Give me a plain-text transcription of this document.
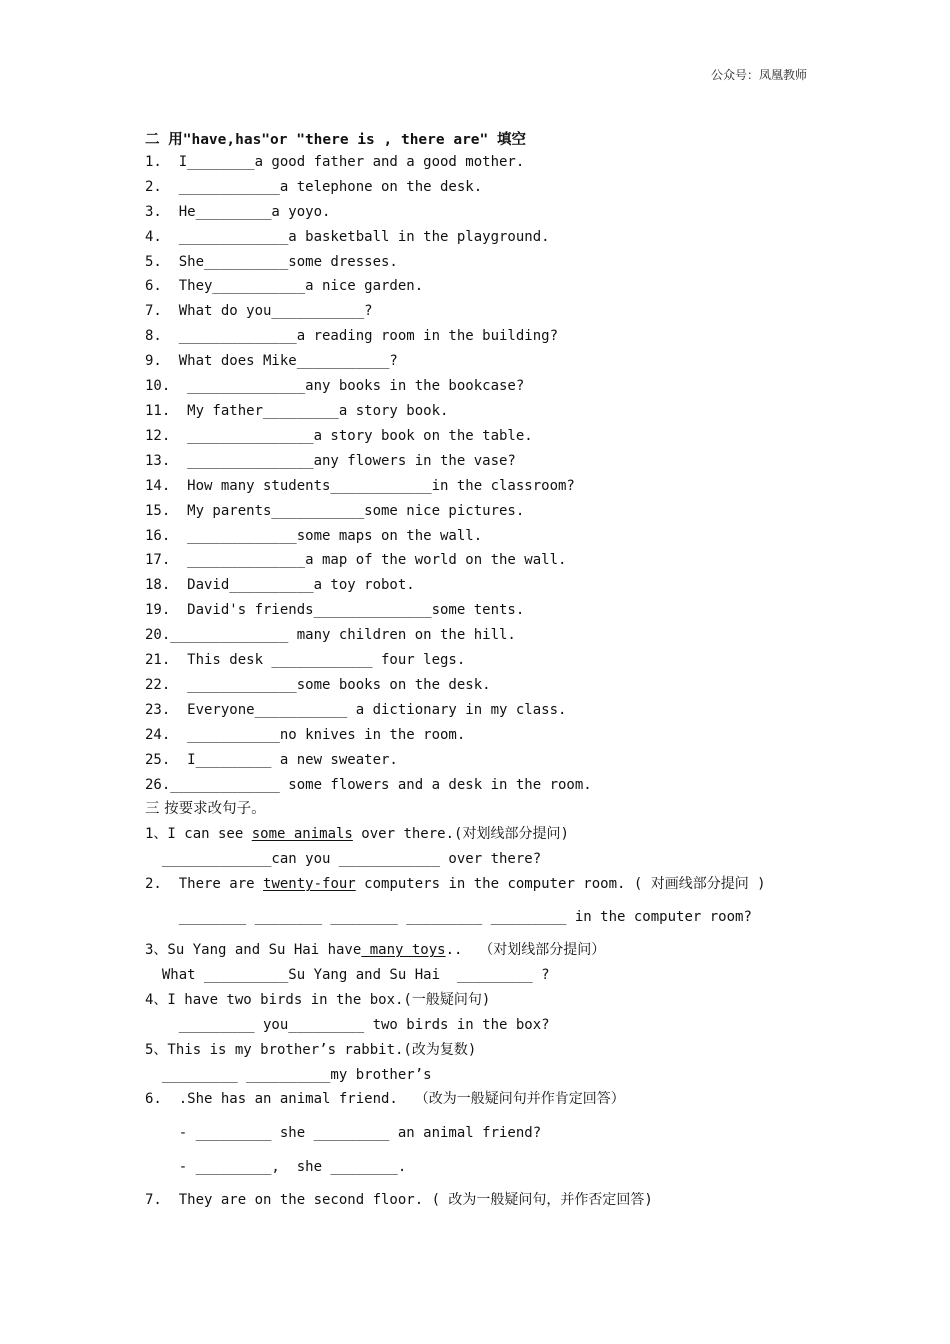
公众号：凤凰教师
二 用"have,has"or "there is , there are" 填空
1.  I________a good father and a good mother.
2.  ____________a telephone on the desk.
3.  He_________a yoyo.
4.  _____________a basketball in the playground.
5.  She__________some dresses.
6.  They___________a nice garden.
7.  What do you___________?
8.  ______________a reading room in the building?
9.  What does Mike___________?
10.  ______________any books in the bookcase?
11.  My father_________a story book.
12.  _______________a story book on the table.
13.  _______________any flowers in the vase?
14.  How many students____________in the classroom?
15.  My parents___________some nice pictures.
16.  _____________some maps on the wall.
17.  ______________a map of the world on the wall.
18.  David__________a toy robot.
19.  David's friends______________some tents.
20.______________ many children on the hill.
21.  This desk ____________ four legs.
22.  _____________some books on the desk.
23.  Everyone___________ a dictionary in my class.
24.  ___________no knives in the room.
25.  I_________ a new sweater.
26._____________ some flowers and a desk in the room.
三 按要求改句子。
1、I can see some animals over there.(对划线部分提问)
_____________can you ____________ over there?
2.  There are twenty-four computers in the computer room. ( 对画线部分提问 )
________ ________ ________ _________ _________ in the computer room?
3、Su Yang and Su Hai have many toys..  （对划线部分提问）
What __________Su Yang and Su Hai  _________ ?
4、I have two birds in the box.(一般疑问句)
_________ you_________ two birds in the box?
5、This is my brother’s rabbit.(改为复数)
_________ __________my brother’s
6.  .She has an animal friend.  （改为一般疑问句并作肯定回答）
- _________ she _________ an animal friend?
- _________,  she ________.
7.  They are on the second floor. ( 改为一般疑问句，并作否定回答)
